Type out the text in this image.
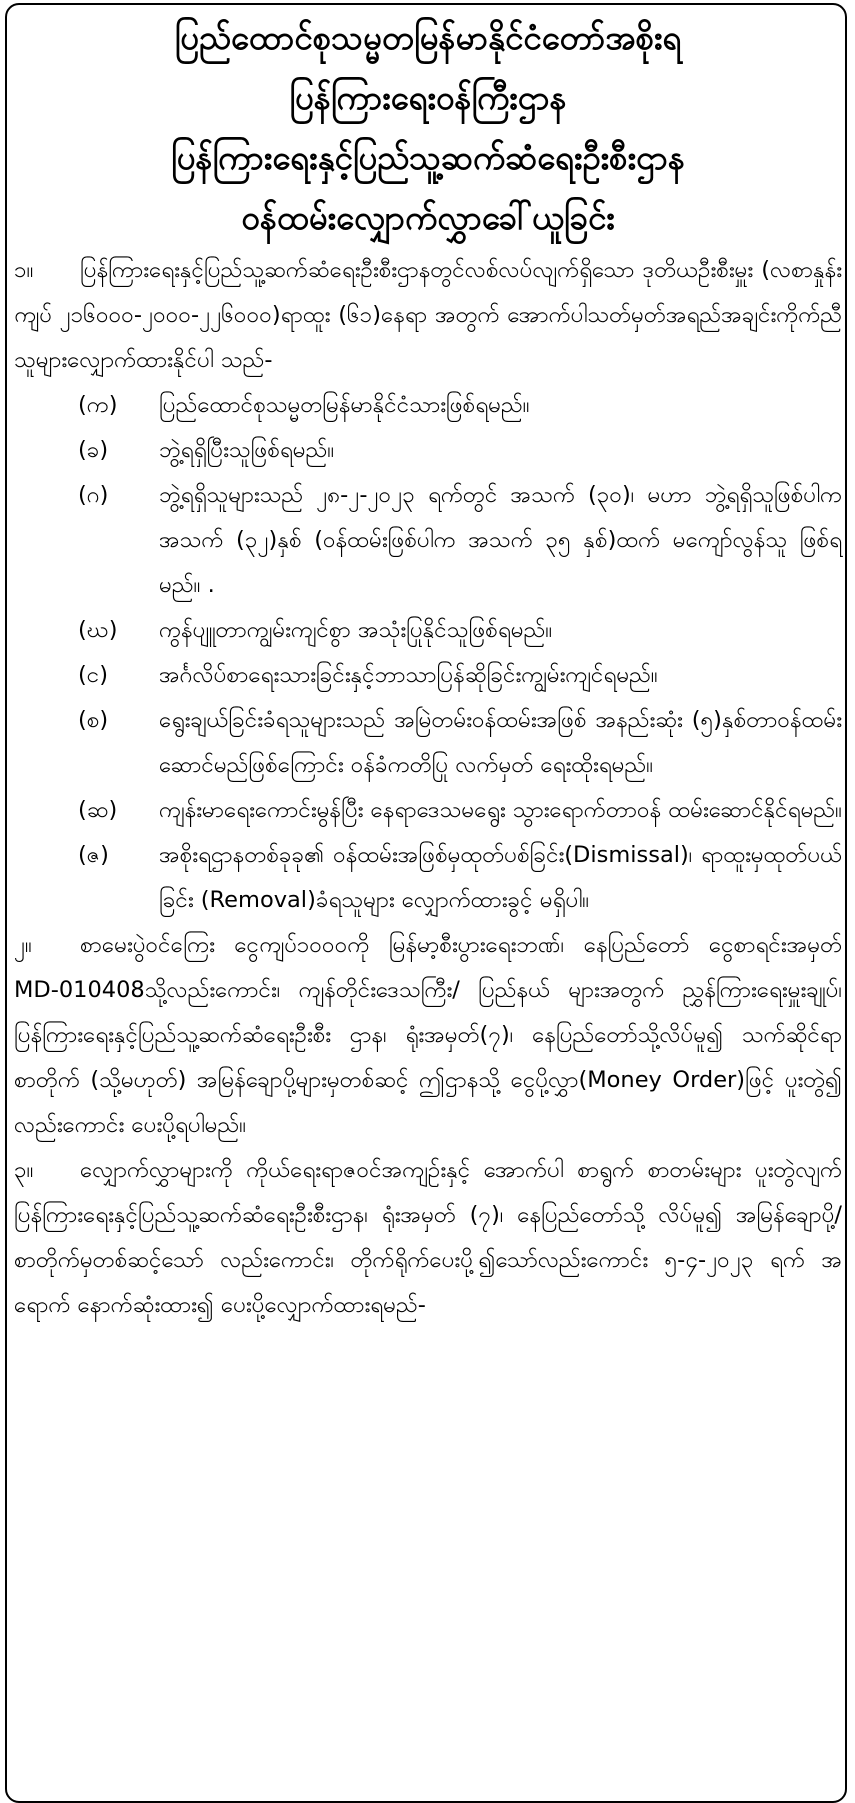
ပြည်ထောင်စုသမ္မတမြန်မာနိုင်ငံတော်အစိုးရ
ပြန်ကြားရေးဝန်ကြီးဌာန
ပြန်ကြားရေးနှင့်ပြည်သူ့ဆက်ဆံရေးဦးစီးဌာန
ဝန်ထမ်းလျှောက်လွှာခေါ်ယူခြင်း
၁။ ပြန်ကြားရေးနှင့်ပြည်သူ့ဆက်ဆံရေးဦးစီးဌာနတွင်လစ်လပ်လျက်ရှိသော ဒုတိယဦးစီးမှူး (လစာနှုန်းကျပ် ၂၁၆၀၀၀-၂၀၀၀-၂၂၆၀၀၀)ရာထူး (၆၁)နေရာ အတွက် အောက်ပါသတ်မှတ်အရည်အချင်းကိုက်ညီသူများလျှောက်ထားနိုင်ပါ သည်-
(က) ပြည်ထောင်စုသမ္မတမြန်မာနိုင်ငံသားဖြစ်ရမည်။
(ခ) ဘွဲ့ရရှိပြီးသူဖြစ်ရမည်။
(ဂ) ဘွဲ့ရရှိသူများသည် ၂၈-၂-၂၀၂၃ ရက်တွင် အသက် (၃၀)၊ မဟာ ဘွဲ့ရရှိသူဖြစ်ပါက အသက် (၃၂)နှစ် (ဝန်ထမ်းဖြစ်ပါက အသက် ၃၅ နှစ်)ထက် မကျော်လွန်သူ ဖြစ်ရမည်။ .
(ဃ) ကွန်ပျူတာကျွမ်းကျင်စွာ အသုံးပြုနိုင်သူဖြစ်ရမည်။
(င) အင်္ဂလိပ်စာရေးသားခြင်းနှင့်ဘာသာပြန်ဆိုခြင်းကျွမ်းကျင်ရမည်။
(စ) ရွေးချယ်ခြင်းခံရသူများသည် အမြဲတမ်းဝန်ထမ်းအဖြစ် အနည်းဆုံး (၅)နှစ်တာဝန်ထမ်းဆောင်မည်ဖြစ်ကြောင်း ဝန်ခံကတိပြု လက်မှတ် ရေးထိုးရမည်။
(ဆ) ကျန်းမာရေးကောင်းမွန်ပြီး နေရာဒေသမရွေး သွားရောက်တာဝန် ထမ်းဆောင်နိုင်ရမည်။
(ဇ) အစိုးရဌာနတစ်ခုခု၏ ဝန်ထမ်းအဖြစ်မှထုတ်ပစ်ခြင်း(Dismissal)၊ ရာထူးမှထုတ်ပယ်ခြင်း (Removal)ခံရသူများ လျှောက်ထားခွင့် မရှိပါ။
၂။ စာမေးပွဲဝင်ကြေး ငွေကျပ်၁၀၀၀ကို မြန်မာ့စီးပွားရေးဘဏ်၊ နေပြည်တော် ငွေစာရင်းအမှတ် MD-010408သို့လည်းကောင်း၊ ကျန်တိုင်းဒေသကြီး/ ပြည်နယ် များအတွက် ညွှန်ကြားရေးမှူးချုပ်၊ ပြန်ကြားရေးနှင့်ပြည်သူ့ဆက်ဆံရေးဦးစီး ဌာန၊ ရုံးအမှတ်(၇)၊ နေပြည်တော်သို့လိပ်မူ၍ သက်ဆိုင်ရာစာတိုက် (သို့မဟုတ်) အမြန်ချောပို့များမှတစ်ဆင့် ဤဌာနသို့ ငွေပို့လွှာ(Money Order)ဖြင့် ပူးတွဲ၍ လည်းကောင်း ပေးပို့ရပါမည်။
၃။ လျှောက်လွှာများကို ကိုယ်ရေးရာဇဝင်အကျဉ်းနှင့် အောက်ပါ စာရွက် စာတမ်းများ ပူးတွဲလျက် ပြန်ကြားရေးနှင့်ပြည်သူ့ဆက်ဆံရေးဦးစီးဌာန၊ ရုံးအမှတ် (၇)၊ နေပြည်တော်သို့ လိပ်မူ၍ အမြန်ချောပို့/စာတိုက်မှတစ်ဆင့်သော် လည်းကောင်း၊ တိုက်ရိုက်ပေးပို့၍သော်လည်းကောင်း ၅-၄-၂၀၂၃ ရက် အရောက် နောက်ဆုံးထား၍ ပေးပို့လျှောက်ထားရမည်-
